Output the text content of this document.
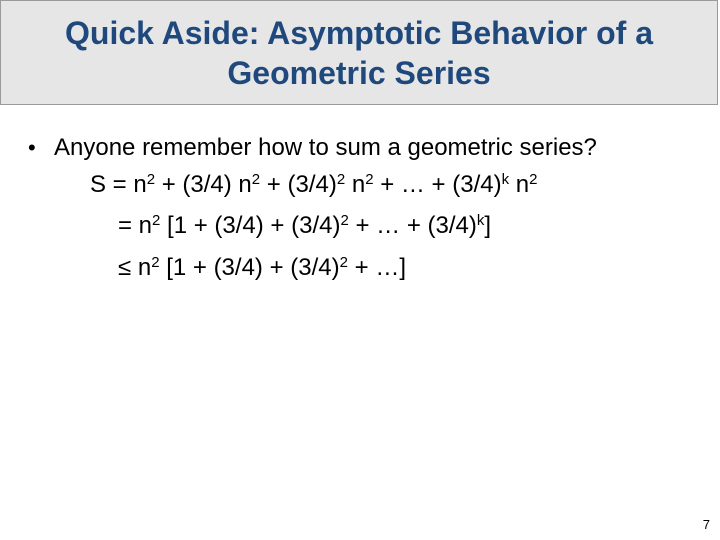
Quick Aside: Asymptotic Behavior of a
Geometric Series
• Anyone remember how to sum a geometric series?
$S = n^2 + (3/4) n^2 + (3/4)^2$ $n^2$ + … + $(3/4)^k$ $n^2$
= $n^2$ [$1 + (3/4) + (3/4)^2$ + … + $(3/4)^k$]
≤ $n^2$ [$1 + (3/4) + (3/4)^2$ + …]
7
